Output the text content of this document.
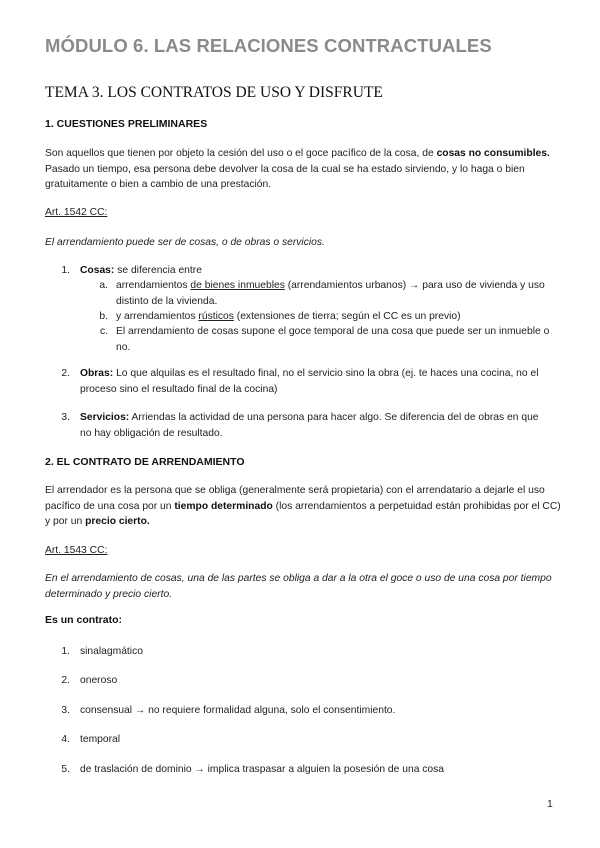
MÓDULO 6. LAS RELACIONES CONTRACTUALES
TEMA 3. LOS CONTRATOS DE USO Y DISFRUTE
1. CUESTIONES PRELIMINARES
Son aquellos que tienen por objeto la cesión del uso o el goce pacífico de la cosa, de cosas no consumibles. Pasado un tiempo, esa persona debe devolver la cosa de la cual se ha estado sirviendo, y lo haga o bien gratuitamente o bien a cambio de una prestación.
Art. 1542 CC:
El arrendamiento puede ser de cosas, o de obras o servicios.
1. Cosas: se diferencia entre
a. arrendamientos de bienes inmuebles (arrendamientos urbanos) → para uso de vivienda y uso distinto de la vivienda.
b. y arrendamientos rústicos (extensiones de tierra; según el CC es un previo)
c. El arrendamiento de cosas supone el goce temporal de una cosa que puede ser un inmueble o no.
2. Obras: Lo que alquilas es el resultado final, no el servicio sino la obra (ej. te haces una cocina, no el proceso sino el resultado final de la cocina)
3. Servicios: Arriendas la actividad de una persona para hacer algo. Se diferencia del de obras en que no hay obligación de resultado.
2. EL CONTRATO DE ARRENDAMIENTO
El arrendador es la persona que se obliga (generalmente será propietaria) con el arrendatario a dejarle el uso pacífico de una cosa por un tiempo determinado (los arrendamientos a perpetuidad están prohibidas por el CC) y por un precio cierto.
Art. 1543 CC:
En el arrendamiento de cosas, una de las partes se obliga a dar a la otra el goce o uso de una cosa por tiempo determinado y precio cierto.
Es un contrato:
1. sinalagmático
2. oneroso
3. consensual → no requiere formalidad alguna, solo el consentimiento.
4. temporal
5. de traslación de dominio → implica traspasar a alguien la posesión de una cosa
1
